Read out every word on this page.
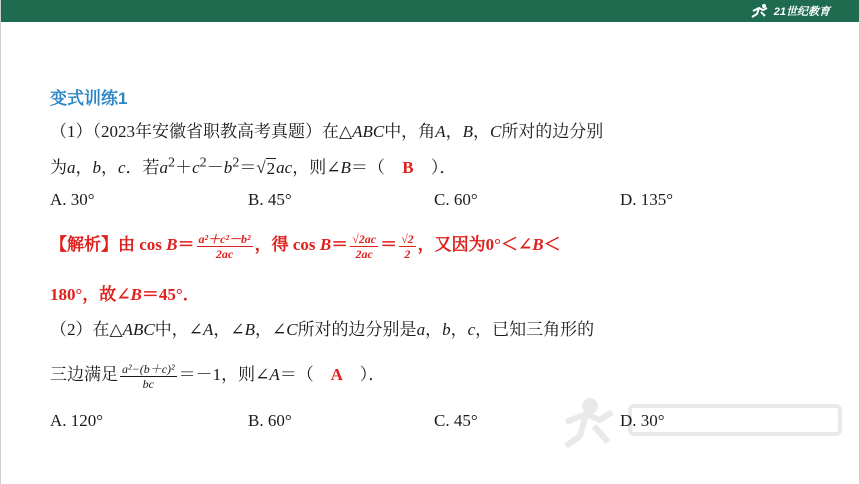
21世纪教育
变式训练1
（1）（2023年安徽省职教高考真题）在△ABC中，角A，B，C所对的边分别
为a，b，c．若$a^2+c^2-b^2=$ √ 2 ac，则∠B＝（ B ）．
A. 30°	B. 45°	C. 60°	D. 135°
【解析】由 $\cos B= \frac{\text{a²＋c²－b²}}{2ac}$ ，得 $\cos B= \frac{√2ac}{2ac} = \frac{√2}{2}$ ，又因为0°＜∠B＜
180°，故∠B＝45°．
（2）在△ABC中，∠A，∠B，∠C所对的边分别是a，b，c，已知三角形的
三边满足 $\frac{\text{a²−(b＋c)²}}{bc} =-1$，则∠A＝（ A ）．
A. 120°	B. 60°	C. 45°	D. 30°
